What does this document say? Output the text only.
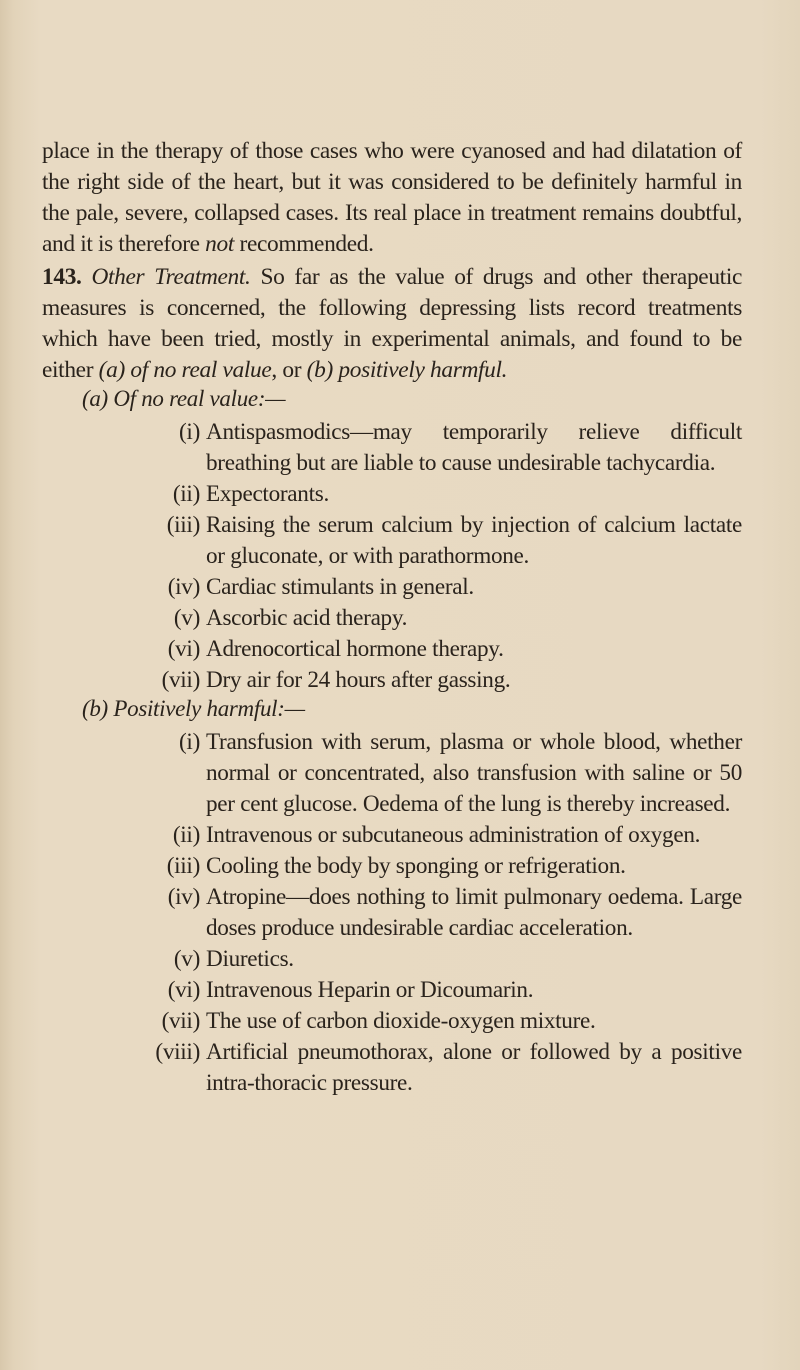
place in the therapy of those cases who were cyanosed and had dilatation of the right side of the heart, but it was considered to be definitely harmful in the pale, severe, collapsed cases. Its real place in treatment remains doubtful, and it is therefore not recommended.
143. Other Treatment. So far as the value of drugs and other therapeutic measures is concerned, the following depressing lists record treatments which have been tried, mostly in experimental animals, and found to be either (a) of no real value, or (b) positively harmful.
(a) Of no real value:—
(i) Antispasmodics—may temporarily relieve difficult breathing but are liable to cause undesirable tachycardia.
(ii) Expectorants.
(iii) Raising the serum calcium by injection of calcium lactate or gluconate, or with parathormone.
(iv) Cardiac stimulants in general.
(v) Ascorbic acid therapy.
(vi) Adrenocortical hormone therapy.
(vii) Dry air for 24 hours after gassing.
(b) Positively harmful:—
(i) Transfusion with serum, plasma or whole blood, whether normal or concentrated, also transfusion with saline or 50 per cent glucose. Oedema of the lung is thereby increased.
(ii) Intravenous or subcutaneous administration of oxygen.
(iii) Cooling the body by sponging or refrigeration.
(iv) Atropine—does nothing to limit pulmonary oedema. Large doses produce undesirable cardiac acceleration.
(v) Diuretics.
(vi) Intravenous Heparin or Dicoumarin.
(vii) The use of carbon dioxide-oxygen mixture.
(viii) Artificial pneumothorax, alone or followed by a positive intra-thoracic pressure.
